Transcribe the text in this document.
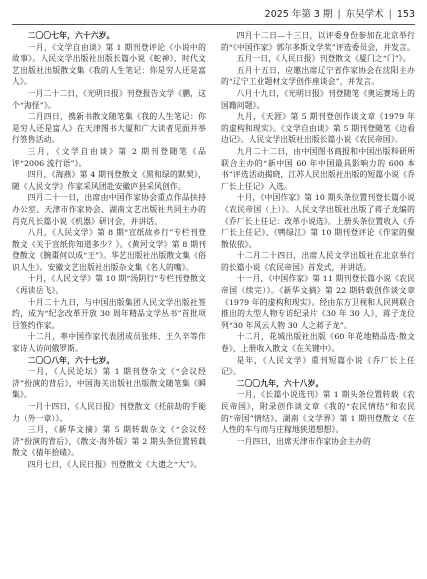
2025 年第 3 期 | 东吴学术 | 153

二〇〇七年，六十六岁。

一月，《文学自由谈》第 1 期刊登评论《小说中的故事》。人民文学出版社出版长篇小说《蛇神》，时代文艺出版社出版散文集《我的人生笔记：你是穷人还是富人》。

一月二十二日，《光明日报》刊登报告文学《鹏，这个“海怪”》。

二月四日，携新书散文随笔集《我的人生笔记：你是穷人还是富人》在天津图书大厦和广大读者见面并举行签售活动。

三月，《文学自由谈》第 2 期刊登随笔《品评“2006 流行语”》。

四月，《海燕》第 4 期刊登散文《黑和绿的默契》，随《人民文学》作家采风团赴安徽庐县采风创作。

四月二十一日，出席由中国作家协会重点作品扶持办公室、天津市作家协会、湖南文艺出版社共同主办的肖克凡长篇小说《机器》研讨会，并讲话。

八月，《人民文学》第 8 期“宣纸故乡行”专栏刊登散文《关于宣纸你知道多少？》。《黄河文学》第 8 期刊登散文《腕棗何以成“王”》。华艺出版社出版散文集《俗识人生》。安徽文艺出版社出版杂文集《名人的嘴》。

十月，《人民文学》第 10 期“汤阴行”专栏刊登散文《再读岳飞》。

十月二十九日，与中国出版集团人民文学出版社签约，成为“纪念改革开放 30 周年精品文学丛书”首批项目签约作家。

十二月，率中国作家代表团成员张炜、王久辛等作家诗人访问俄罗斯。

二〇〇八年，六十七岁。

一月，《人民论坛》第 1 期刊登杂文《“会议经济”扮演的背后》，中国海关出版社出版散文随笔集《瞬集》。

一月十四日，《人民日报》刊登散文《托前劫的手能力（外一章）》。

三月，《新华文摘》第 5 期转载杂文《“会议经济”扮演的背后》，《散文·海外版》第 2 期头条位置转载散文《猜年拾碴》。

四月七日，《人民日报》刊登散文《大遗之“大”》。

四月十二日—十三日，以评委身份参加在北京举行的“《中国作家》郭尔多斯文学奖”评选委员会，并发言。

五月一日，《人民日报》刊登散文《厦门之“门”》。

五月十五日，应邀出席辽宁省作家协会在沈阳主办的“辽宁工业题材文学创作座谈会”，并发言。

八月十九日，《光明日报》刊登随笔《奥运赛场上的国籍问题》。

九月，《天涯》第 5 期刊登创作谈文章《1979 年的虚构和现实》。《文学自由谈》第 5 期刊登随笔《边看边记》。人民文学出版社出版长篇小说《农民帝国》。

九月二十二日，由中国图书商报和中国出版科研所联合主办的“新中国 60 年中国最具影响力的 600 本书”评选活动揭晓，江苏人民出版社出版的短篇小说《乔厂长上任记》入选。

十月，《中国作家》第 10 期头条位置刊登长篇小说《农民帝国（上）》。人民文学出版社出版了蒋子龙编的《乔厂长上任记：改革小说选》。上册头条位置收入《乔厂长上任记》、《鸭绿江》第 10 期刊登评论《作家的聚散依依》。

十二月二十四日，出席人民文学出版社在北京举行的长篇小说《农民帝国》首发式，并讲话。

十一月，《中国作家》第 11 期刊登长篇小说《农民帝国（续完）》。《新华文摘》第 22 期转载创作谈文章《1979 年的虚构和现实》。经由东方卫视和人民网联合推出的大型人物专访纪录片《30 年 30 人》，蒋子龙位列“30 年风云人物 30 人之蒋子龙”。

十二月，花城出版社出版《60 年花地精品选·散文卷》，上册收入散文《在关键中》。

是年，《人民文学》重刊短篇小说《乔厂长上任记》。

二〇〇九年，六十八岁。

一月，《长篇小说选刊》第 1 期头条位置转载《农民帝国》，附录创作谈文章《我的“农民情结”和农民的“帝国”情结》。湖南《文学界》第 1 期刊登散文《在人性的车与而与庄稼地狭道想想》。

一月四日，出席天津市作家协会主办的
